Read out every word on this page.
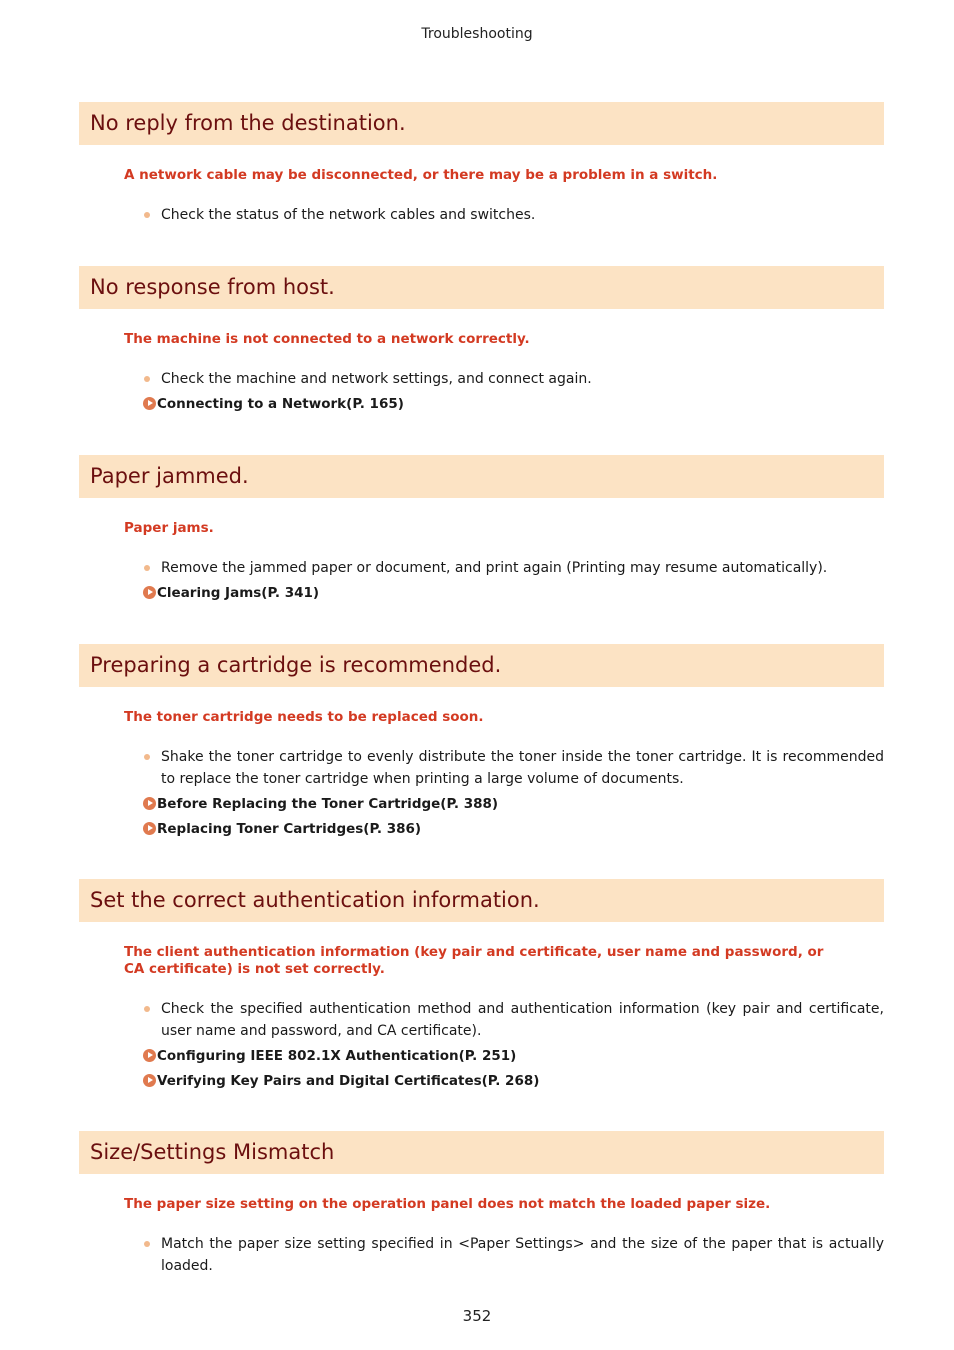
Troubleshooting
No reply from the destination.
A network cable may be disconnected, or there may be a problem in a switch.
Check the status of the network cables and switches.
No response from host.
The machine is not connected to a network correctly.
Check the machine and network settings, and connect again.
Connecting to a Network(P. 165)
Paper jammed.
Paper jams.
Remove the jammed paper or document, and print again (Printing may resume automatically).
Clearing Jams(P. 341)
Preparing a cartridge is recommended.
The toner cartridge needs to be replaced soon.
Shake the toner cartridge to evenly distribute the toner inside the toner cartridge. It is recommended to replace the toner cartridge when printing a large volume of documents.
Before Replacing the Toner Cartridge(P. 388)
Replacing Toner Cartridges(P. 386)
Set the correct authentication information.
The client authentication information (key pair and certificate, user name and password, or CA certificate) is not set correctly.
Check the specified authentication method and authentication information (key pair and certificate, user name and password, and CA certificate).
Configuring IEEE 802.1X Authentication(P. 251)
Verifying Key Pairs and Digital Certificates(P. 268)
Size/Settings Mismatch
The paper size setting on the operation panel does not match the loaded paper size.
Match the paper size setting specified in <Paper Settings> and the size of the paper that is actually loaded.
352
